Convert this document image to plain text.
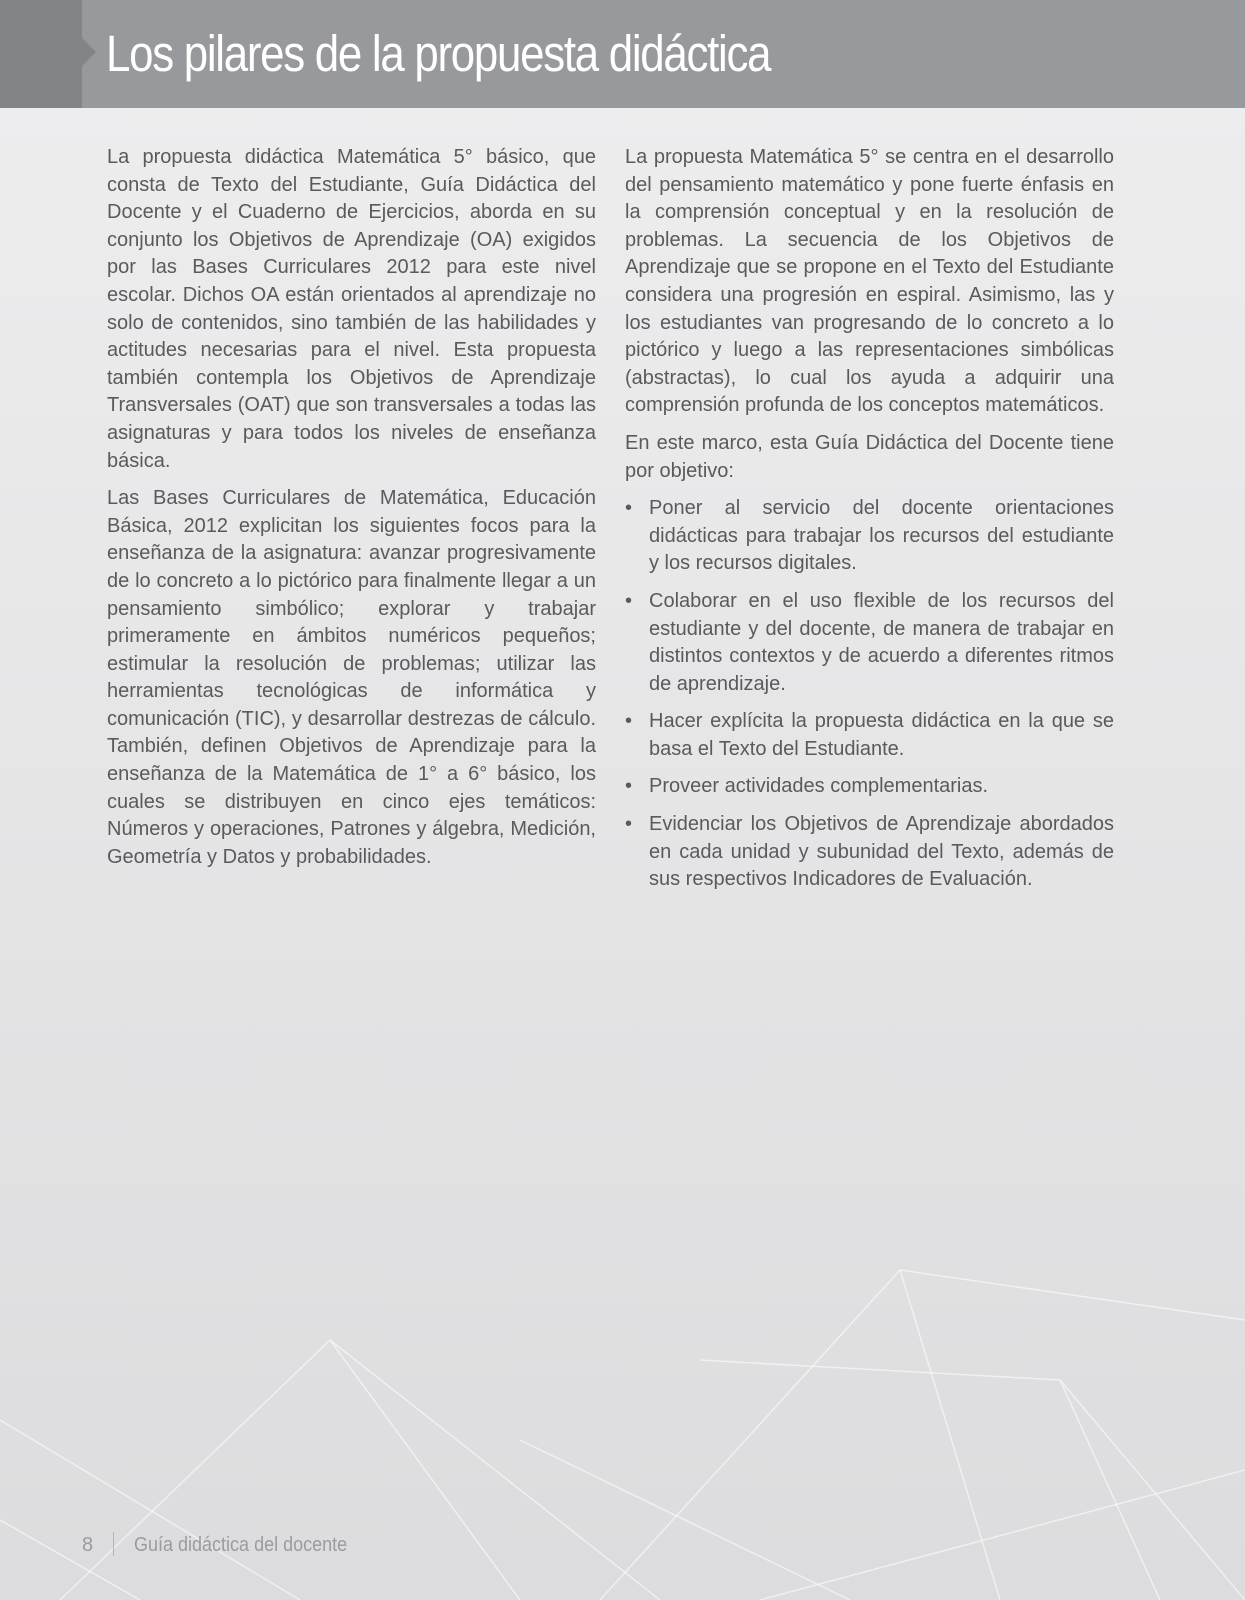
Los pilares de la propuesta didáctica

La propuesta didáctica Matemática 5° básico, que consta de Texto del Estudiante, Guía Didáctica del Docente y el Cuaderno de Ejercicios, aborda en su conjunto los Objetivos de Aprendizaje (OA) exigidos por las Bases Curriculares 2012 para este nivel escolar. Dichos OA están orientados al aprendizaje no solo de contenidos, sino también de las habilidades y actitudes necesarias para el nivel. Esta propuesta también contempla los Objetivos de Aprendizaje Transversales (OAT) que son transversales a todas las asignaturas y para todos los niveles de enseñanza básica.

Las Bases Curriculares de Matemática, Educación Básica, 2012 explicitan los siguientes focos para la enseñanza de la asignatura: avanzar progresivamente de lo concreto a lo pictórico para finalmente llegar a un pensamiento simbólico; explorar y trabajar primeramente en ámbitos numéricos pequeños; estimular la resolución de problemas; utilizar las herramientas tecnológicas de informática y comunicación (TIC), y desarrollar destrezas de cálculo. También, definen Objetivos de Aprendizaje para la enseñanza de la Matemática de 1° a 6° básico, los cuales se distribuyen en cinco ejes temáticos: Números y operaciones, Patrones y álgebra, Medición, Geometría y Datos y probabilidades.

La propuesta Matemática 5° se centra en el desarrollo del pensamiento matemático y pone fuerte énfasis en la comprensión conceptual y en la resolución de problemas. La secuencia de los Objetivos de Aprendizaje que se propone en el Texto del Estudiante considera una progresión en espiral. Asimismo, las y los estudiantes van progresando de lo concreto a lo pictórico y luego a las representaciones simbólicas (abstractas), lo cual los ayuda a adquirir una comprensión profunda de los conceptos matemáticos.

En este marco, esta Guía Didáctica del Docente tiene por objetivo:

• Poner al servicio del docente orientaciones didácticas para trabajar los recursos del estudiante y los recursos digitales.
• Colaborar en el uso flexible de los recursos del estudiante y del docente, de manera de trabajar en distintos contextos y de acuerdo a diferentes ritmos de aprendizaje.
• Hacer explícita la propuesta didáctica en la que se basa el Texto del Estudiante.
• Proveer actividades complementarias.
• Evidenciar los Objetivos de Aprendizaje abordados en cada unidad y subunidad del Texto, además de sus respectivos Indicadores de Evaluación.
8 Guía didáctica del docente
